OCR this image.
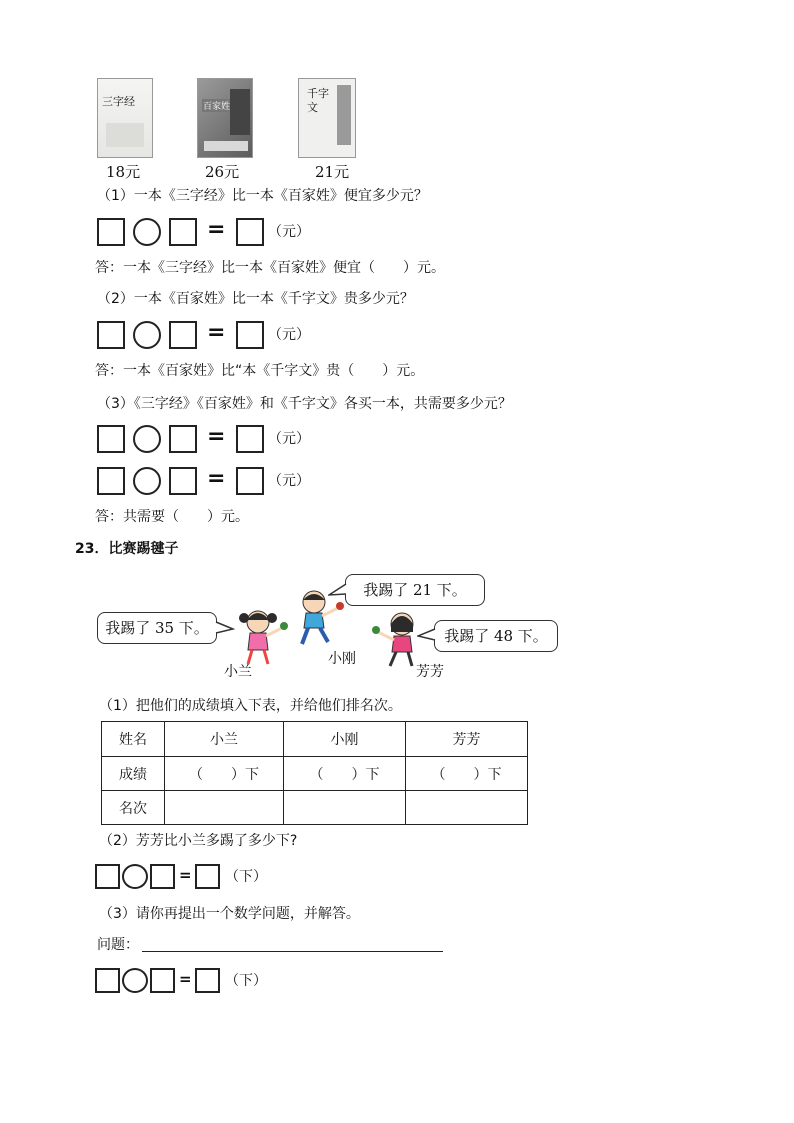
三字经
18元
百家姓
26元
千字文
21元
（1）一本《三字经》比一本《百家姓》便宜多少元？
=	（元）
答：一本《三字经》比一本《百家姓》便宜（　　）元。
（2）一本《百家姓》比一本《千字文》贵多少元？
=	（元）
答：一本《百家姓》比“本《千字文》贵（　　）元。
（3）《三字经》《百家姓》和《千字文》各买一本，共需要多少元？
=	（元）
=	（元）
答：共需要（　　）元。
23．比赛踢毽子
我踢了 21 下。
我踢了 35 下。	我踢了 48 下。
小兰
小刚
芳芳
（1）把他们的成绩填入下表，并给他们排名次。
姓名	小兰	小刚	芳芳
成绩	（　　）下	（　　）下	（　　）下
名次			
（2）芳芳比小兰多踢了多少下?
= （下）
（3）请你再提出一个数学问题，并解答。
问题：
= （下）
